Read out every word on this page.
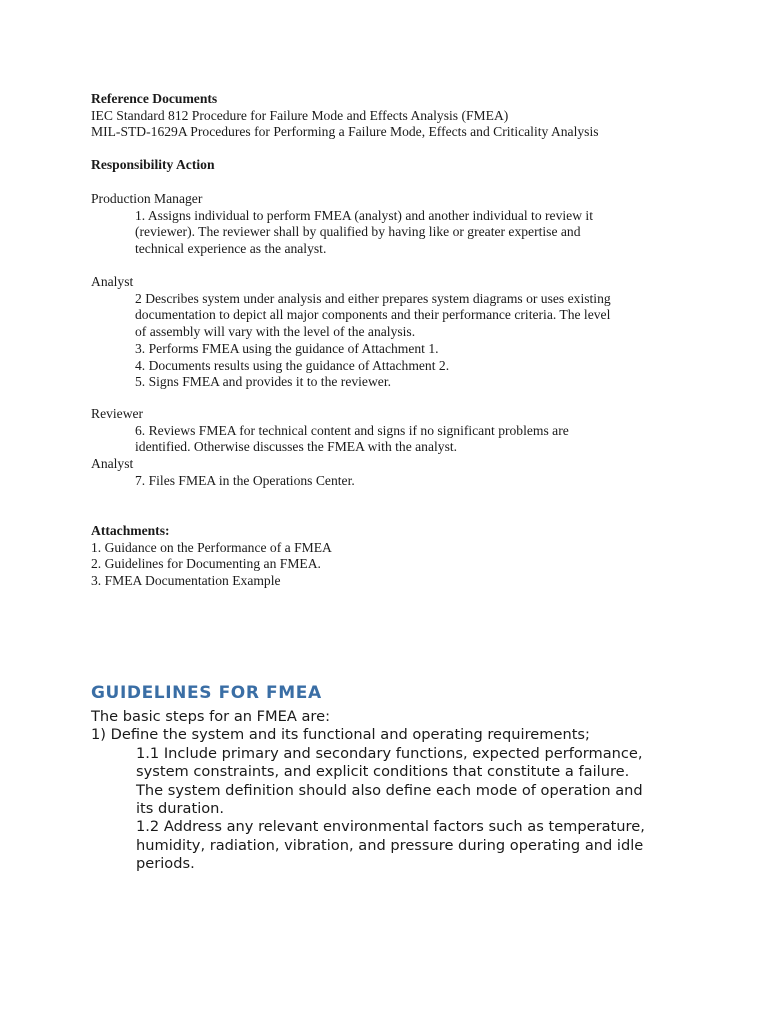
Reference Documents
IEC Standard 812 Procedure for Failure Mode and Effects Analysis (FMEA)
MIL-STD-1629A Procedures for Performing a Failure Mode, Effects and Criticality Analysis
Responsibility Action
Production Manager
1. Assigns individual to perform FMEA (analyst) and another individual to review it
(reviewer). The reviewer shall by qualified by having like or greater expertise and
technical experience as the analyst.
Analyst
2 Describes system under analysis and either prepares system diagrams or uses existing
documentation to depict all major components and their performance criteria. The level
of assembly will vary with the level of the analysis.
3. Performs FMEA using the guidance of Attachment 1.
4. Documents results using the guidance of Attachment 2.
5. Signs FMEA and provides it to the reviewer.
Reviewer
6. Reviews FMEA for technical content and signs if no significant problems are
identified. Otherwise discusses the FMEA with the analyst.
Analyst
7. Files FMEA in the Operations Center.
Attachments:
1. Guidance on the Performance of a FMEA
2. Guidelines for Documenting an FMEA.
3. FMEA Documentation Example
GUIDELINES FOR FMEA
The basic steps for an FMEA are:
1) Define the system and its functional and operating requirements;
1.1 Include primary and secondary functions, expected performance,
system constraints, and explicit conditions that constitute a failure.
The system definition should also define each mode of operation and
its duration.
1.2 Address any relevant environmental factors such as temperature,
humidity, radiation, vibration, and pressure during operating and idle
periods.
